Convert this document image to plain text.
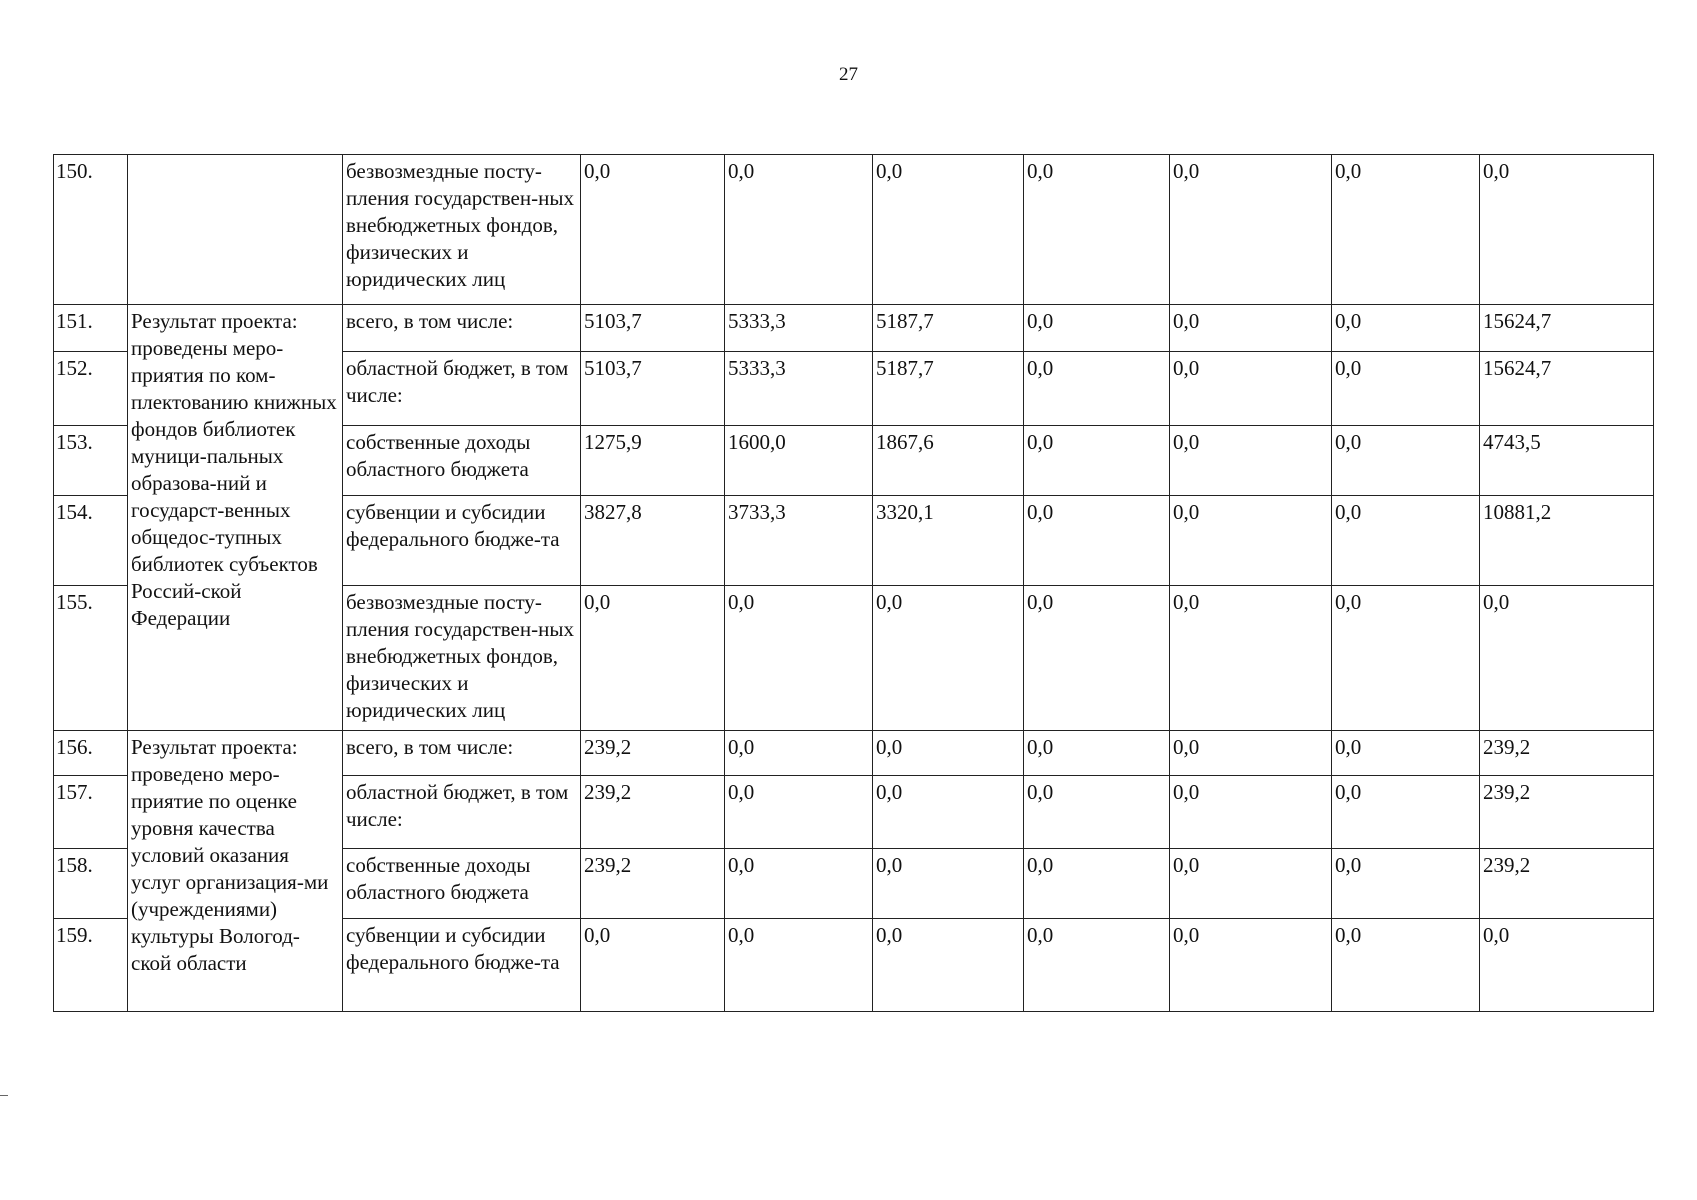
27
150.		безвозмездные посту-пления государствен-ных внебюджетных фондов, физических и юридических лиц	0,0	0,0	0,0	0,0	0,0	0,0	0,0
151.	Результат проекта: проведены меро-приятия по ком-плектованию книжных фондов библиотек муници-пальных образова-ний и государст-венных общедос-тупных библиотек субъектов Россий-ской Федерации	всего, в том числе:	5103,7	5333,3	5187,7	0,0	0,0	0,0	15624,7
152.		областной бюджет, в том числе:	5103,7	5333,3	5187,7	0,0	0,0	0,0	15624,7
153.		собственные доходы областного бюджета	1275,9	1600,0	1867,6	0,0	0,0	0,0	4743,5
154.		субвенции и субсидии федерального бюдже-та	3827,8	3733,3	3320,1	0,0	0,0	0,0	10881,2
155.		безвозмездные посту-пления государствен-ных внебюджетных фондов, физических и юридических лиц	0,0	0,0	0,0	0,0	0,0	0,0	0,0
156.	Результат проекта: проведено меро-приятие по оценке уровня качества условий оказания услуг организация-ми (учреждениями) культуры Вологод-ской области	всего, в том числе:	239,2	0,0	0,0	0,0	0,0	0,0	239,2
157.		областной бюджет, в том числе:	239,2	0,0	0,0	0,0	0,0	0,0	239,2
158.		собственные доходы областного бюджета	239,2	0,0	0,0	0,0	0,0	0,0	239,2
159.		субвенции и субсидии федерального бюдже-та	0,0	0,0	0,0	0,0	0,0	0,0	0,0
